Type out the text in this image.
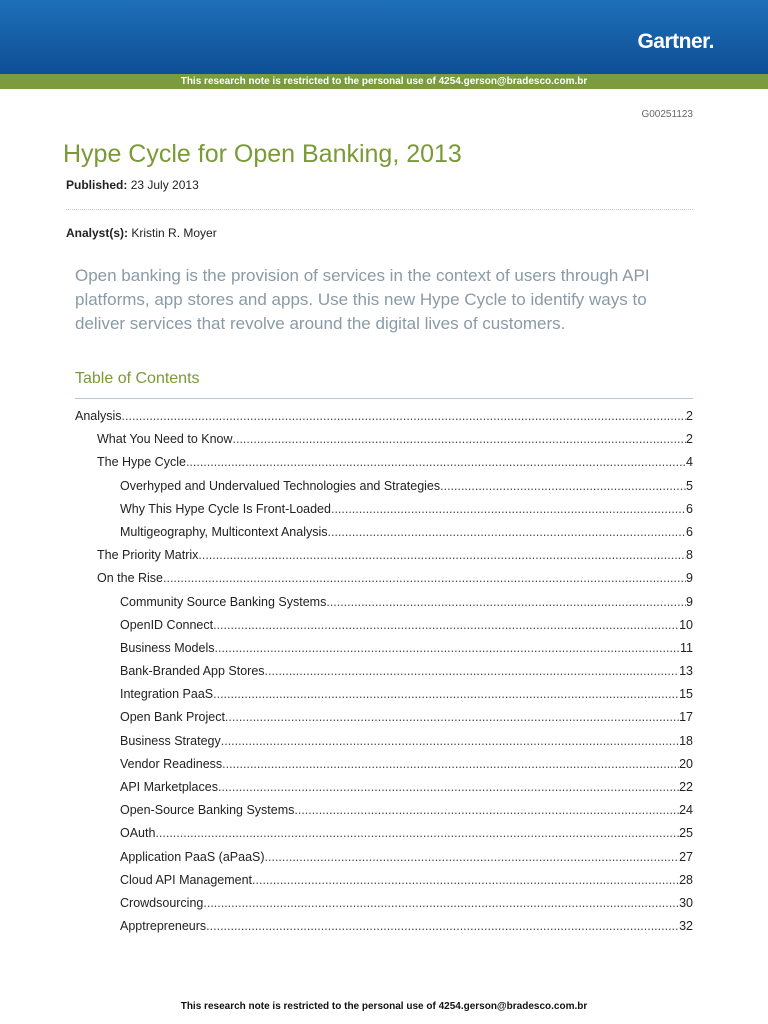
Gartner.
This research note is restricted to the personal use of 4254.gerson@bradesco.com.br
G00251123
Hype Cycle for Open Banking, 2013
Published: 23 July 2013
Analyst(s): Kristin R. Moyer
Open banking is the provision of services in the context of users through API platforms, app stores and apps. Use this new Hype Cycle to identify ways to deliver services that revolve around the digital lives of customers.
Table of Contents
Analysis .....	2
What You Need to Know .....	2
The Hype Cycle .....	4
Overhyped and Undervalued Technologies and Strategies .....	5
Why This Hype Cycle Is Front-Loaded .....	6
Multigeography, Multicontext Analysis .....	6
The Priority Matrix .....	8
On the Rise .....	9
Community Source Banking Systems .....	9
OpenID Connect .....	10
Business Models .....	11
Bank-Branded App Stores .....	13
Integration PaaS .....	15
Open Bank Project .....	17
Business Strategy .....	18
Vendor Readiness .....	20
API Marketplaces .....	22
Open-Source Banking Systems .....	24
OAuth .....	25
Application PaaS (aPaaS) .....	27
Cloud API Management .....	28
Crowdsourcing .....	30
Apptrepreneurs .....	32
This research note is restricted to the personal use of 4254.gerson@bradesco.com.br
